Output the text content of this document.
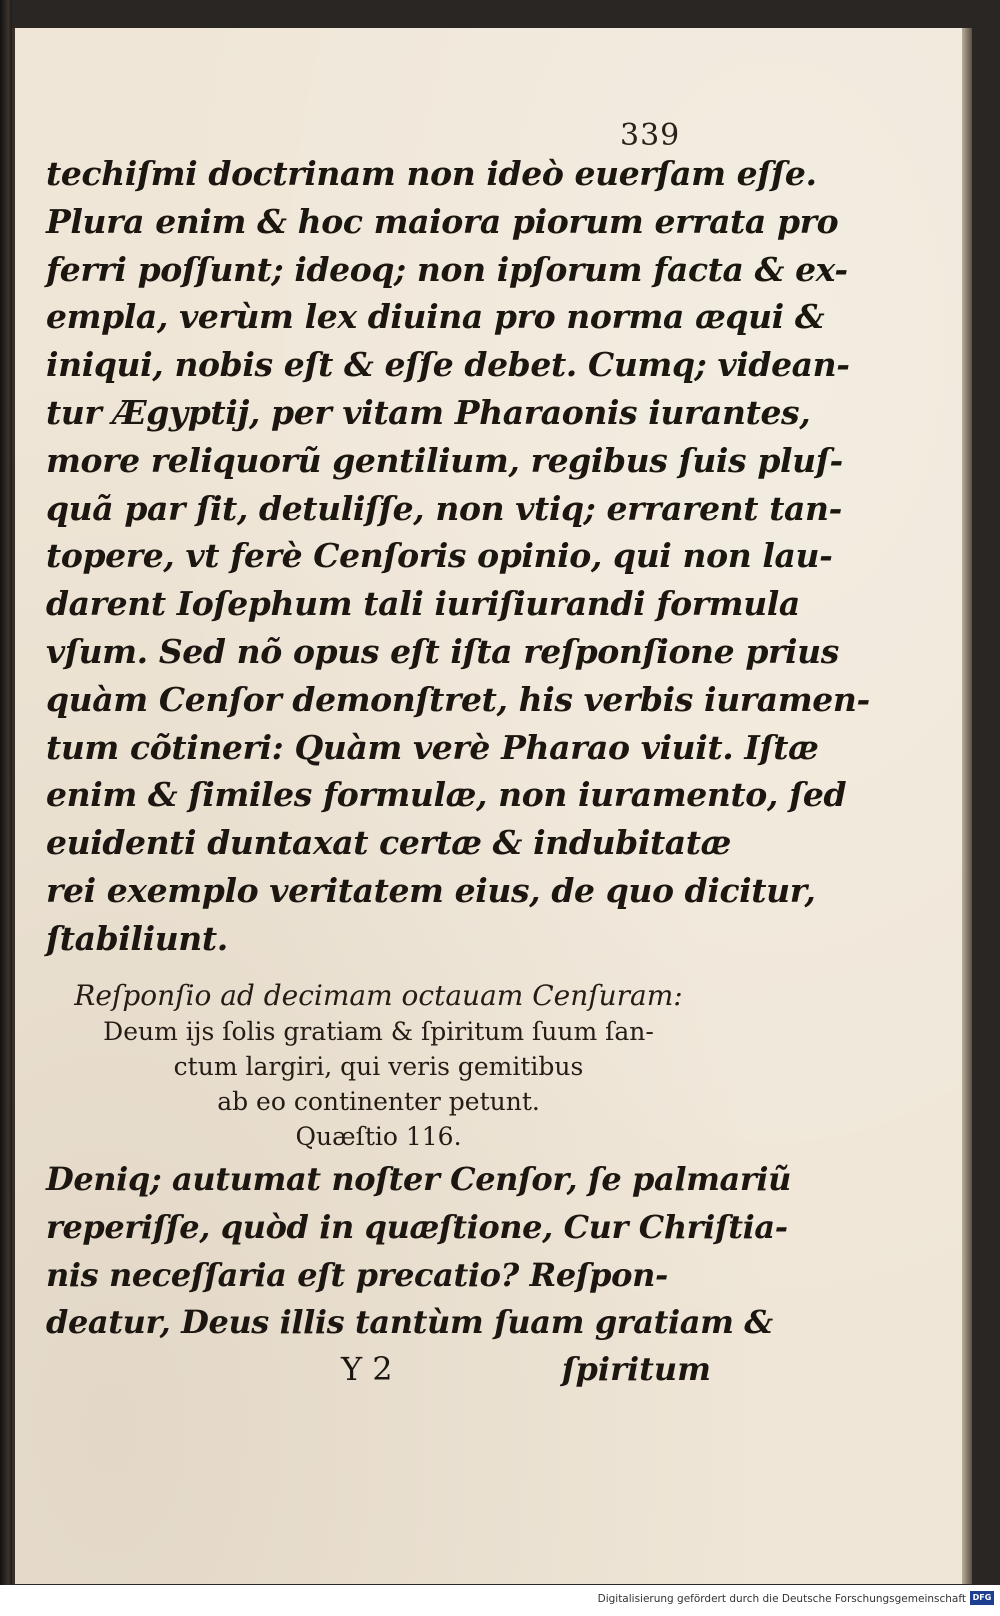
339
techiſmi doctrinam non ideò euerſam eſſe.
Plura enim & hoc maiora piorum errata pro
ferri poſſunt; ideoq; non ipſorum facta & ex-
empla, verùm lex diuina pro norma æqui &
iniqui, nobis eſt & eſſe debet. Cumq; videan-
tur Ægyptij, per vitam Pharaonis iurantes,
more reliquorũ gentilium, regibus ſuis pluſ-
quã par ſit, detuliſſe, non vtiq; errarent tan-
topere, vt ferè Cenſoris opinio, qui non lau-
darent Ioſephum tali iuriſiurandi formula
vſum. Sed nõ opus eſt iſta reſponſione prius
quàm Cenſor demonſtret, his verbis iuramen-
tum cõtineri: Quàm verè Pharao viuit. Iſtæ
enim & ſimiles formulæ, non iuramento, ſed
euidenti duntaxat certæ & indubitatæ
rei exemplo veritatem eius, de quo dicitur,
ſtabiliunt.
Reſponſio ad decimam octauam Cenſuram:
Deum ijs ſolis gratiam & ſpiritum ſuum ſan-
ctum largiri, qui veris gemitibus
ab eo continenter petunt.
Quæſtio 116.
Deniq; autumat noſter Cenſor, ſe palmariũ
reperiſſe, quòd in quæſtione, Cur Chriſtia-
nis neceſſaria eſt precatio? Reſpon-
deatur, Deus illis tantùm ſuam gratiam &
Y 2	ſpiritum
Digitalisierung gefördert durch die Deutsche Forschungsgemeinschaft DFG
